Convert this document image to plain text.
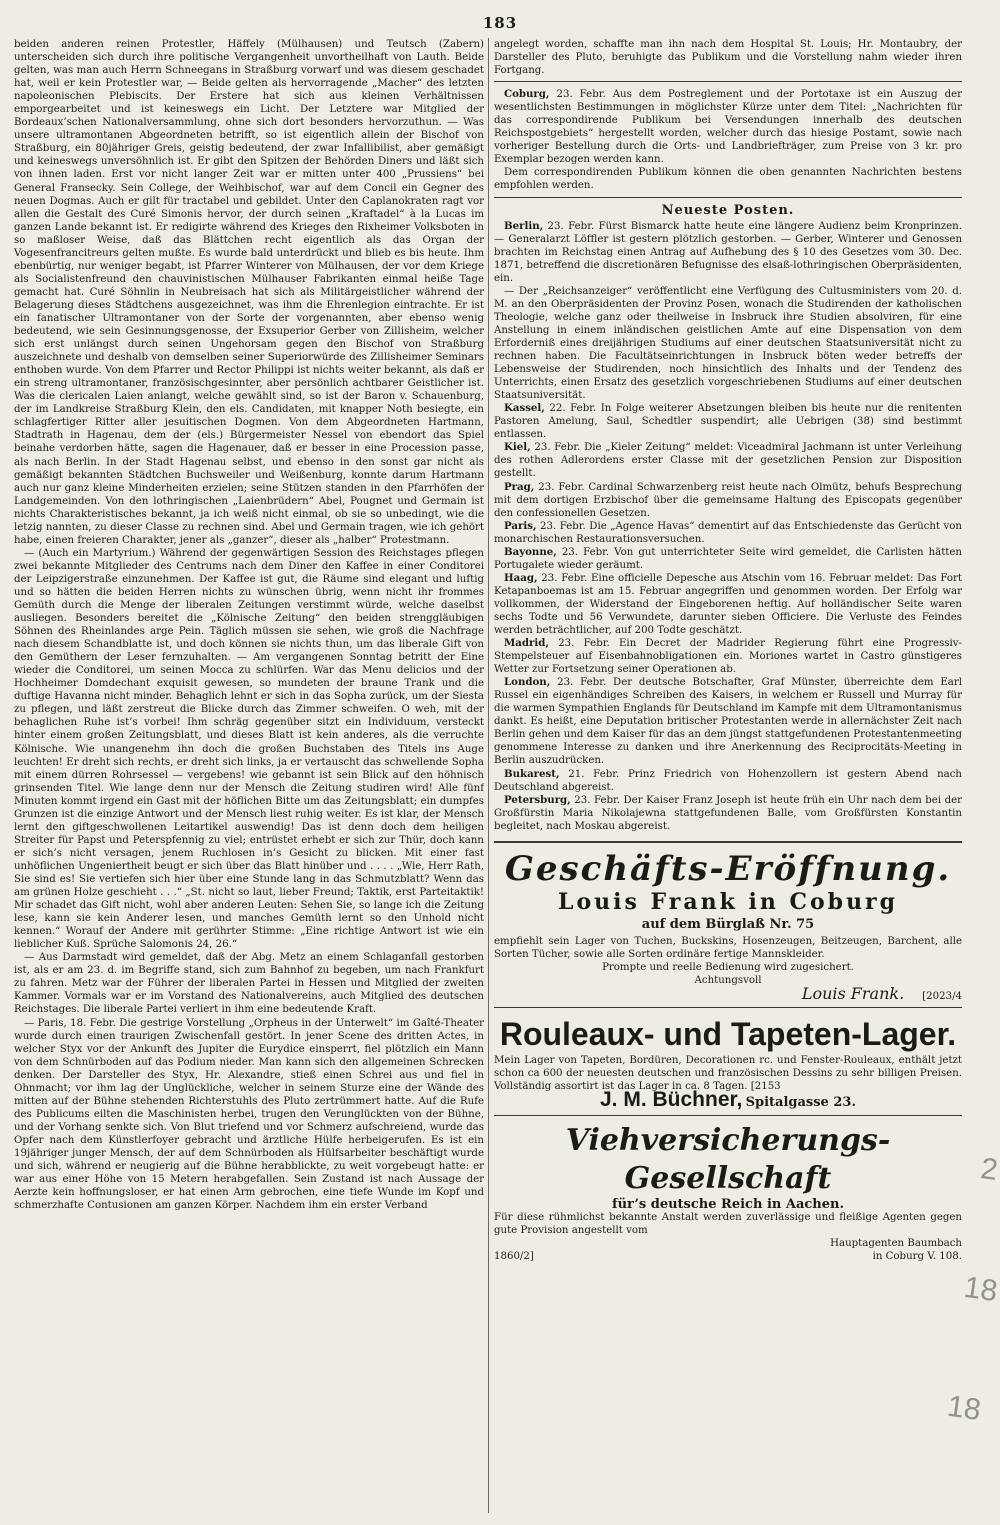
183

beiden anderen reinen Protestler, Häffely (Mülhausen) und Teutsch (Zabern) unterscheiden sich durch ihre politische Vergangenheit unvortheilhaft von Lauth. Beide gelten, was man auch Herrn Schneegans in Straßburg vorwarf und was diesem geschadet hat, weil er kein Protestler war, — Beide gelten als hervorragende „Macher“ des letzten napoleonischen Plebiscits. Der Erstere hat sich aus kleinen Verhältnissen emporgearbeitet und ist keineswegs ein Licht. Der Letztere war Mitglied der Bordeaux’schen Nationalversammlung, ohne sich dort besonders hervorzuthun. — Was unsere ultramontanen Abgeordneten betrifft, so ist eigentlich allein der Bischof von Straßburg, ein 80jähriger Greis, geistig bedeutend, der zwar Infallibilist, aber gemäßigt und keineswegs unversöhnlich ist. Er gibt den Spitzen der Behörden Diners und läßt sich von ihnen laden. Erst vor nicht langer Zeit war er mitten unter 400 „Prussiens“ bei General Fransecky. Sein College, der Weihbischof, war auf dem Concil ein Gegner des neuen Dogmas. Auch er gilt für tractabel und gebildet. Unter den Caplanokraten ragt vor allen die Gestalt des Curé Simonis hervor, der durch seinen „Kraftadel“ à la Lucas im ganzen Lande bekannt ist. Er redigirte während des Krieges den Rixheimer Volksboten in so maßloser Weise, daß das Blättchen recht eigentlich als das Organ der Vogesenfrancitreurs gelten mußte. Es wurde bald unterdrückt und blieb es bis heute. Ihm ebenbürtig, nur weniger begabt, ist Pfarrer Winterer von Mülhausen, der vor dem Kriege als Socialistenfreund den chauvinistischen Mülhauser Fabrikanten einmal heiße Tage gemacht hat. Curé Söhnlin in Neubreisach hat sich als Militärgeistlicher während der Belagerung dieses Städtchens ausgezeichnet, was ihm die Ehrenlegion eintrachte. Er ist ein fanatischer Ultramontaner von der Sorte der vorgenannten, aber ebenso wenig bedeutend, wie sein Gesinnungsgenosse, der Exsuperior Gerber von Zillisheim, welcher sich erst unlängst durch seinen Ungehorsam gegen den Bischof von Straßburg auszeichnete und deshalb von demselben seiner Superiorwürde des Zillisheimer Seminars enthoben wurde. Von dem Pfarrer und Rector Philippi ist nichts weiter bekannt, als daß er ein streng ultramontaner, französischgesinnter, aber persönlich achtbarer Geistlicher ist. Was die clericalen Laien anlangt, welche gewählt sind, so ist der Baron v. Schauenburg, der im Landkreise Straßburg Klein, den els. Candidaten, mit knapper Noth besiegte, ein schlagfertiger Ritter aller jesuitischen Dogmen. Von dem Abgeordneten Hartmann, Stadtrath in Hagenau, dem der (els.) Bürgermeister Nessel von ebendort das Spiel beinahe verdorben hätte, sagen die Hagenauer, daß er besser in eine Procession passe, als nach Berlin. In der Stadt Hagenau selbst, und ebenso in den sonst gar nicht als gemäßigt bekannten Städtchen Buchsweiler und Weißenburg, konnte darum Hartmann auch nur ganz kleine Minderheiten erzielen; seine Stützen standen in den Pfarrhöfen der Landgemeinden. Von den lothringischen „Laienbrüdern“ Abel, Pougnet und Germain ist nichts Charakteristisches bekannt, ja ich weiß nicht einmal, ob sie so unbedingt, wie die letzig nannten, zu dieser Classe zu rechnen sind. Abel und Germain tragen, wie ich gehört habe, einen freieren Charakter, jener als „ganzer“, dieser als „halber“ Protestmann.

— (Auch ein Martyrium.) Während der gegenwärtigen Session des Reichstages pflegen zwei bekannte Mitglieder des Centrums nach dem Diner den Kaffee in einer Conditorei der Leipzigerstraße einzunehmen. Der Kaffee ist gut, die Räume sind elegant und luftig und so hätten die beiden Herren nichts zu wünschen übrig, wenn nicht ihr frommes Gemüth durch die Menge der liberalen Zeitungen verstimmt würde, welche daselbst ausliegen. Besonders bereitet die „Kölnische Zeitung“ den beiden strenggläubigen Söhnen des Rheinlandes arge Pein. Täglich müssen sie sehen, wie groß die Nachfrage nach diesem Schandblatte ist, und doch können sie nichts thun, um das liberale Gift von den Gemüthern der Leser fernzuhalten. — Am vergangenen Sonntag betritt der Eine wieder die Conditorei, um seinen Mocca zu schlürfen. War das Menu delicios und der Hochheimer Domdechant exquisit gewesen, so mundeten der braune Trank und die duftige Havanna nicht minder. Behaglich lehnt er sich in das Sopha zurück, um der Siesta zu pflegen, und läßt zerstreut die Blicke durch das Zimmer schweifen. O weh, mit der behaglichen Ruhe ist’s vorbei! Ihm schräg gegenüber sitzt ein Individuum, versteckt hinter einem großen Zeitungsblatt, und dieses Blatt ist kein anderes, als die verruchte Kölnische. Wie unangenehm ihn doch die großen Buchstaben des Titels ins Auge leuchten! Er dreht sich rechts, er dreht sich links, ja er vertauscht das schwellende Sopha mit einem dürren Rohrsessel — vergebens! wie gebannt ist sein Blick auf den höhnisch grinsenden Titel. Wie lange denn nur der Mensch die Zeitung studiren wird! Alle fünf Minuten kommt irgend ein Gast mit der höflichen Bitte um das Zeitungsblatt; ein dumpfes Grunzen ist die einzige Antwort und der Mensch liest ruhig weiter. Es ist klar, der Mensch lernt den giftgeschwollenen Leitartikel auswendig! Das ist denn doch dem heiligen Streiter für Papst und Peterspfennig zu viel; entrüstet erhebt er sich zur Thür, doch kann er sich’s nicht versagen, jenem Ruchlosen in’s Gesicht zu blicken. Mit einer fast unhöflichen Ungeniertheit beugt er sich über das Blatt hinüber und . . . . „Wie, Herr Rath, Sie sind es! Sie vertiefen sich hier über eine Stunde lang in das Schmutzblatt? Wenn das am grünen Holze geschieht . . .“ „St. nicht so laut, lieber Freund; Taktik, erst Parteitaktik! Mir schadet das Gift nicht, wohl aber anderen Leuten: Sehen Sie, so lange ich die Zeitung lese, kann sie kein Anderer lesen, und manches Gemüth lernt so den Unhold nicht kennen.“ Worauf der Andere mit gerührter Stimme: „Eine richtige Antwort ist wie ein lieblicher Kuß. Sprüche Salomonis 24, 26.“

— Aus Darmstadt wird gemeldet, daß der Abg. Metz an einem Schlaganfall gestorben ist, als er am 23. d. im Begriffe stand, sich zum Bahnhof zu begeben, um nach Frankfurt zu fahren. Metz war der Führer der liberalen Partei in Hessen und Mitglied der zweiten Kammer. Vormals war er im Vorstand des Nationalvereins, auch Mitglied des deutschen Reichstages. Die liberale Partei verliert in ihm eine bedeutende Kraft.

— Paris, 18. Febr. Die gestrige Vorstellung „Orpheus in der Unterwelt“ im Gaîté-Theater wurde durch einen traurigen Zwischenfall gestört. In jener Scene des dritten Actes, in welcher Styx vor der Ankunft des Jupiter die Eurydice einsperrt, fiel plötzlich ein Mann von dem Schnürboden auf das Podium nieder. Man kann sich den allgemeinen Schrecken denken. Der Darsteller des Styx, Hr. Alexandre, stieß einen Schrei aus und fiel in Ohnmacht; vor ihm lag der Unglückliche, welcher in seinem Sturze eine der Wände des mitten auf der Bühne stehenden Richterstuhls des Pluto zertrümmert hatte. Auf die Rufe des Publicums eilten die Maschinisten herbei, trugen den Verunglückten von der Bühne, und der Vorhang senkte sich. Von Blut triefend und vor Schmerz aufschreiend, wurde das Opfer nach dem Künstlerfoyer gebracht und ärztliche Hülfe herbeigerufen. Es ist ein 19jähriger junger Mensch, der auf dem Schnürboden als Hülfsarbeiter beschäftigt wurde und sich, während er neugierig auf die Bühne herabblickte, zu weit vorgebeugt hatte: er war aus einer Höhe von 15 Metern herabgefallen. Sein Zustand ist nach Aussage der Aerzte kein hoffnungsloser, er hat einen Arm gebrochen, eine tiefe Wunde im Kopf und schmerzhafte Contusionen am ganzen Körper. Nachdem ihm ein erster Verband

angelegt worden, schaffte man ihn nach dem Hospital St. Louis; Hr. Montaubry, der Darsteller des Pluto, beruhigte das Publikum und die Vorstellung nahm wieder ihren Fortgang.

Coburg, 23. Febr. Aus dem Postreglement und der Portotaxe ist ein Auszug der wesentlichsten Bestimmungen in möglichster Kürze unter dem Titel: „Nachrichten für das correspondirende Publikum bei Versendungen innerhalb des deutschen Reichspostgebiets“ hergestellt worden, welcher durch das hiesige Postamt, sowie nach vorheriger Bestellung durch die Orts- und Landbriefträger, zum Preise von 3 kr. pro Exemplar bezogen werden kann.

Dem correspondirenden Publikum können die oben genannten Nachrichten bestens empfohlen werden.

Neueste Posten.

Berlin, 23. Febr. Fürst Bismarck hatte heute eine längere Audienz beim Kronprinzen. — Generalarzt Löffler ist gestern plötzlich gestorben. — Gerber, Winterer und Genossen brachten im Reichstag einen Antrag auf Aufhebung des § 10 des Gesetzes vom 30. Dec. 1871, betreffend die discretionären Befugnisse des elsaß-lothringischen Oberpräsidenten, ein.

— Der „Reichsanzeiger“ veröffentlicht eine Verfügung des Cultusministers vom 20. d. M. an den Oberpräsidenten der Provinz Posen, wonach die Studirenden der katholischen Theologie, welche ganz oder theilweise in Insbruck ihre Studien absolviren, für eine Anstellung in einem inländischen geistlichen Amte auf eine Dispensation von dem Erforderniß eines dreijährigen Studiums auf einer deutschen Staatsuniversität nicht zu rechnen haben. Die Facultätseinrichtungen in Insbruck böten weder betreffs der Lebensweise der Studirenden, noch hinsichtlich des Inhalts und der Tendenz des Unterrichts, einen Ersatz des gesetzlich vorgeschriebenen Studiums auf einer deutschen Staatsuniversität.

Kassel, 22. Febr. In Folge weiterer Absetzungen bleiben bis heute nur die renitenten Pastoren Amelung, Saul, Schedtler suspendirt; alle Uebrigen (38) sind bestimmt entlassen.

Kiel, 23. Febr. Die „Kieler Zeitung“ meldet: Viceadmiral Jachmann ist unter Verleihung des rothen Adlerordens erster Classe mit der gesetzlichen Pension zur Disposition gestellt.

Prag, 23. Febr. Cardinal Schwarzenberg reist heute nach Olmütz, behufs Besprechung mit dem dortigen Erzbischof über die gemeinsame Haltung des Episcopats gegenüber den confessionellen Gesetzen.

Paris, 23. Febr. Die „Agence Havas“ dementirt auf das Entschiedenste das Gerücht von monarchischen Restaurationsversuchen.

Bayonne, 23. Febr. Von gut unterrichteter Seite wird gemeldet, die Carlisten hätten Portugalete wieder geräumt.

Haag, 23. Febr. Eine officielle Depesche aus Atschin vom 16. Februar meldet: Das Fort Ketapanboemas ist am 15. Februar angegriffen und genommen worden. Der Erfolg war vollkommen, der Widerstand der Eingeborenen heftig. Auf holländischer Seite waren sechs Todte und 56 Verwundete, darunter sieben Officiere. Die Verluste des Feindes werden beträchtlicher, auf 200 Todte geschätzt.

Madrid, 23. Febr. Ein Decret der Madrider Regierung führt eine Progressiv-Stempelsteuer auf Eisenbahnobligationen ein. Moriones wartet in Castro günstigeres Wetter zur Fortsetzung seiner Operationen ab.

London, 23. Febr. Der deutsche Botschafter, Graf Münster, überreichte dem Earl Russel ein eigenhändiges Schreiben des Kaisers, in welchem er Russell und Murray für die warmen Sympathien Englands für Deutschland im Kampfe mit dem Ultramontanismus dankt. Es heißt, eine Deputation britischer Protestanten werde in allernächster Zeit nach Berlin gehen und dem Kaiser für das an dem jüngst stattgefundenen Protestantenmeeting genommene Interesse zu danken und ihre Anerkennung des Reciprocitäts-Meeting in Berlin auszudrücken.

Bukarest, 21. Febr. Prinz Friedrich von Hohenzollern ist gestern Abend nach Deutschland abgereist.

Petersburg, 23. Febr. Der Kaiser Franz Joseph ist heute früh ein Uhr nach dem bei der Großfürstin Maria Nikolajewna stattgefundenen Balle, vom Großfürsten Konstantin begleitet, nach Moskau abgereist.

Geschäfts-Eröffnung.
Louis Frank in Coburg
auf dem Bürglaß Nr. 75

empfiehlt sein Lager von Tuchen, Buckskins, Hosenzeugen, Beitzeugen, Barchent, alle Sorten Tücher, sowie alle Sorten ordinäre fertige Mannskleider.

Prompte und reelle Bedienung wird zugesichert.

Achtungsvoll

Louis Frank. [2023/4

Rouleaux- und Tapeten-Lager.

Mein Lager von Tapeten, Bordüren, Decorationen rc. und Fenster-Rouleaux, enthält jetzt schon ca 600 der neuesten deutschen und französischen Dessins zu sehr billigen Preisen. Vollständig assortirt ist das Lager in ca. 8 Tagen. [2153

J. M. Büchner, Spitalgasse 23.

Viehversicherungs-Gesellschaft
für’s deutsche Reich in Aachen.

Für diese rühmlichst bekannte Anstalt werden zuverlässige und fleißige Agenten gegen gute Provision angestellt vom

Hauptagenten Baumbach

1860/2]	in Coburg V. 108.

2 18 18
